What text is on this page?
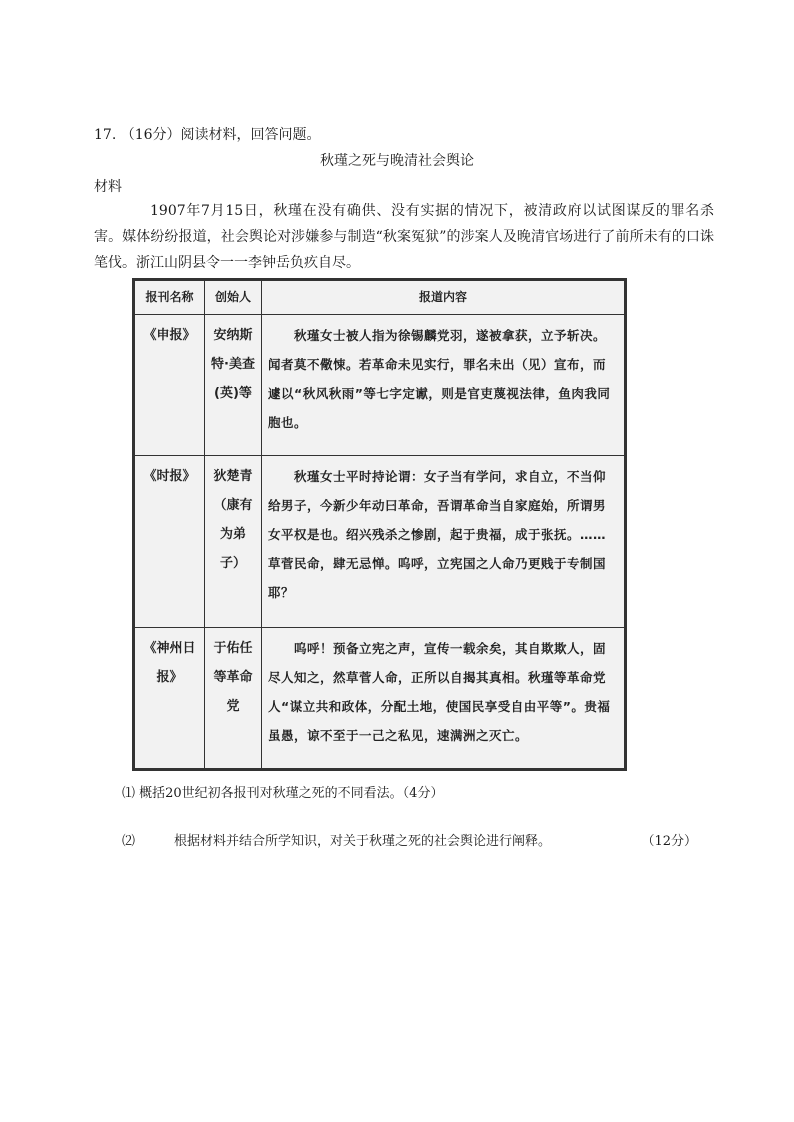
17. （16分）阅读材料，回答问题。
秋瑾之死与晚清社会舆论
材料
1907年7月15日，秋瑾在没有确供、没有实据的情况下，被清政府以试图谋反的罪名杀害。媒体纷纷报道，社会舆论对涉嫌参与制造“秋案冤狱”的涉案人及晚清官场进行了前所未有的口诛笔伐。浙江山阴县令一一李钟岳负疚自尽。
报刊名称	创始人	报道内容
《申报》	安纳斯特·美查(英)等	秋瑾女士被人指为徐锡麟党羽，遂被拿获，立予斩决。闻者莫不儆悚。若革命未见实行，罪名未出（见）宣布，而遽以“秋风秋雨”等七字定谳，则是官吏蔑视法律，鱼肉我同胞也。
《时报》	狄楚青（康有为弟子）	秋瑾女士平时持论谓：女子当有学问，求自立，不当仰给男子，今新少年动曰革命，吾谓革命当自家庭始，所谓男女平权是也。绍兴残杀之惨剧，起于贵福，成于张抚。……草菅民命，肆无忌惮。呜呼，立宪国之人命乃更贱于专制国耶？
《神州日报》	于佑任等革命党	呜呼！预备立宪之声，宣传一载余矣，其自欺欺人，固尽人知之，然草菅人命，正所以自揭其真相。秋瑾等革命党人“谋立共和政体，分配土地，使国民享受自由平等”。贵福虽愚，谅不至于一己之私见，速满洲之灭亡。
⑴ 概括20世纪初各报刊对秋瑾之死的不同看法。（4分）
⑵	根据材料并结合所学知识，对关于秋瑾之死的社会舆论进行阐释。	（12分）
